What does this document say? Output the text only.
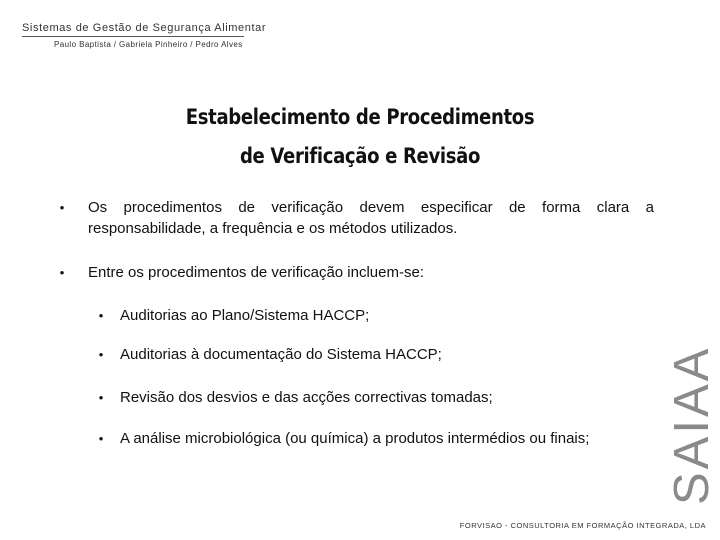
Sistemas de Gestão de Segurança Alimentar
Paulo Baptista / Gabriela Pinheiro / Pedro Alves
Estabelecimento de Procedimentos
de Verificação e Revisão
• Os procedimentos de verificação devem especificar de forma clara a responsabilidade, a frequência e os métodos utilizados.
• Entre os procedimentos de verificação incluem-se:
• Auditorias ao Plano/Sistema HACCP;
• Auditorias à documentação do Sistema HACCP;
• Revisão dos desvios e das acções correctivas tomadas;
• A análise microbiológica (ou química) a produtos intermédios ou finais;	SAIAA
FORVISAO - CONSULTORIA EM FORMAÇÃO INTEGRADA, LDA
